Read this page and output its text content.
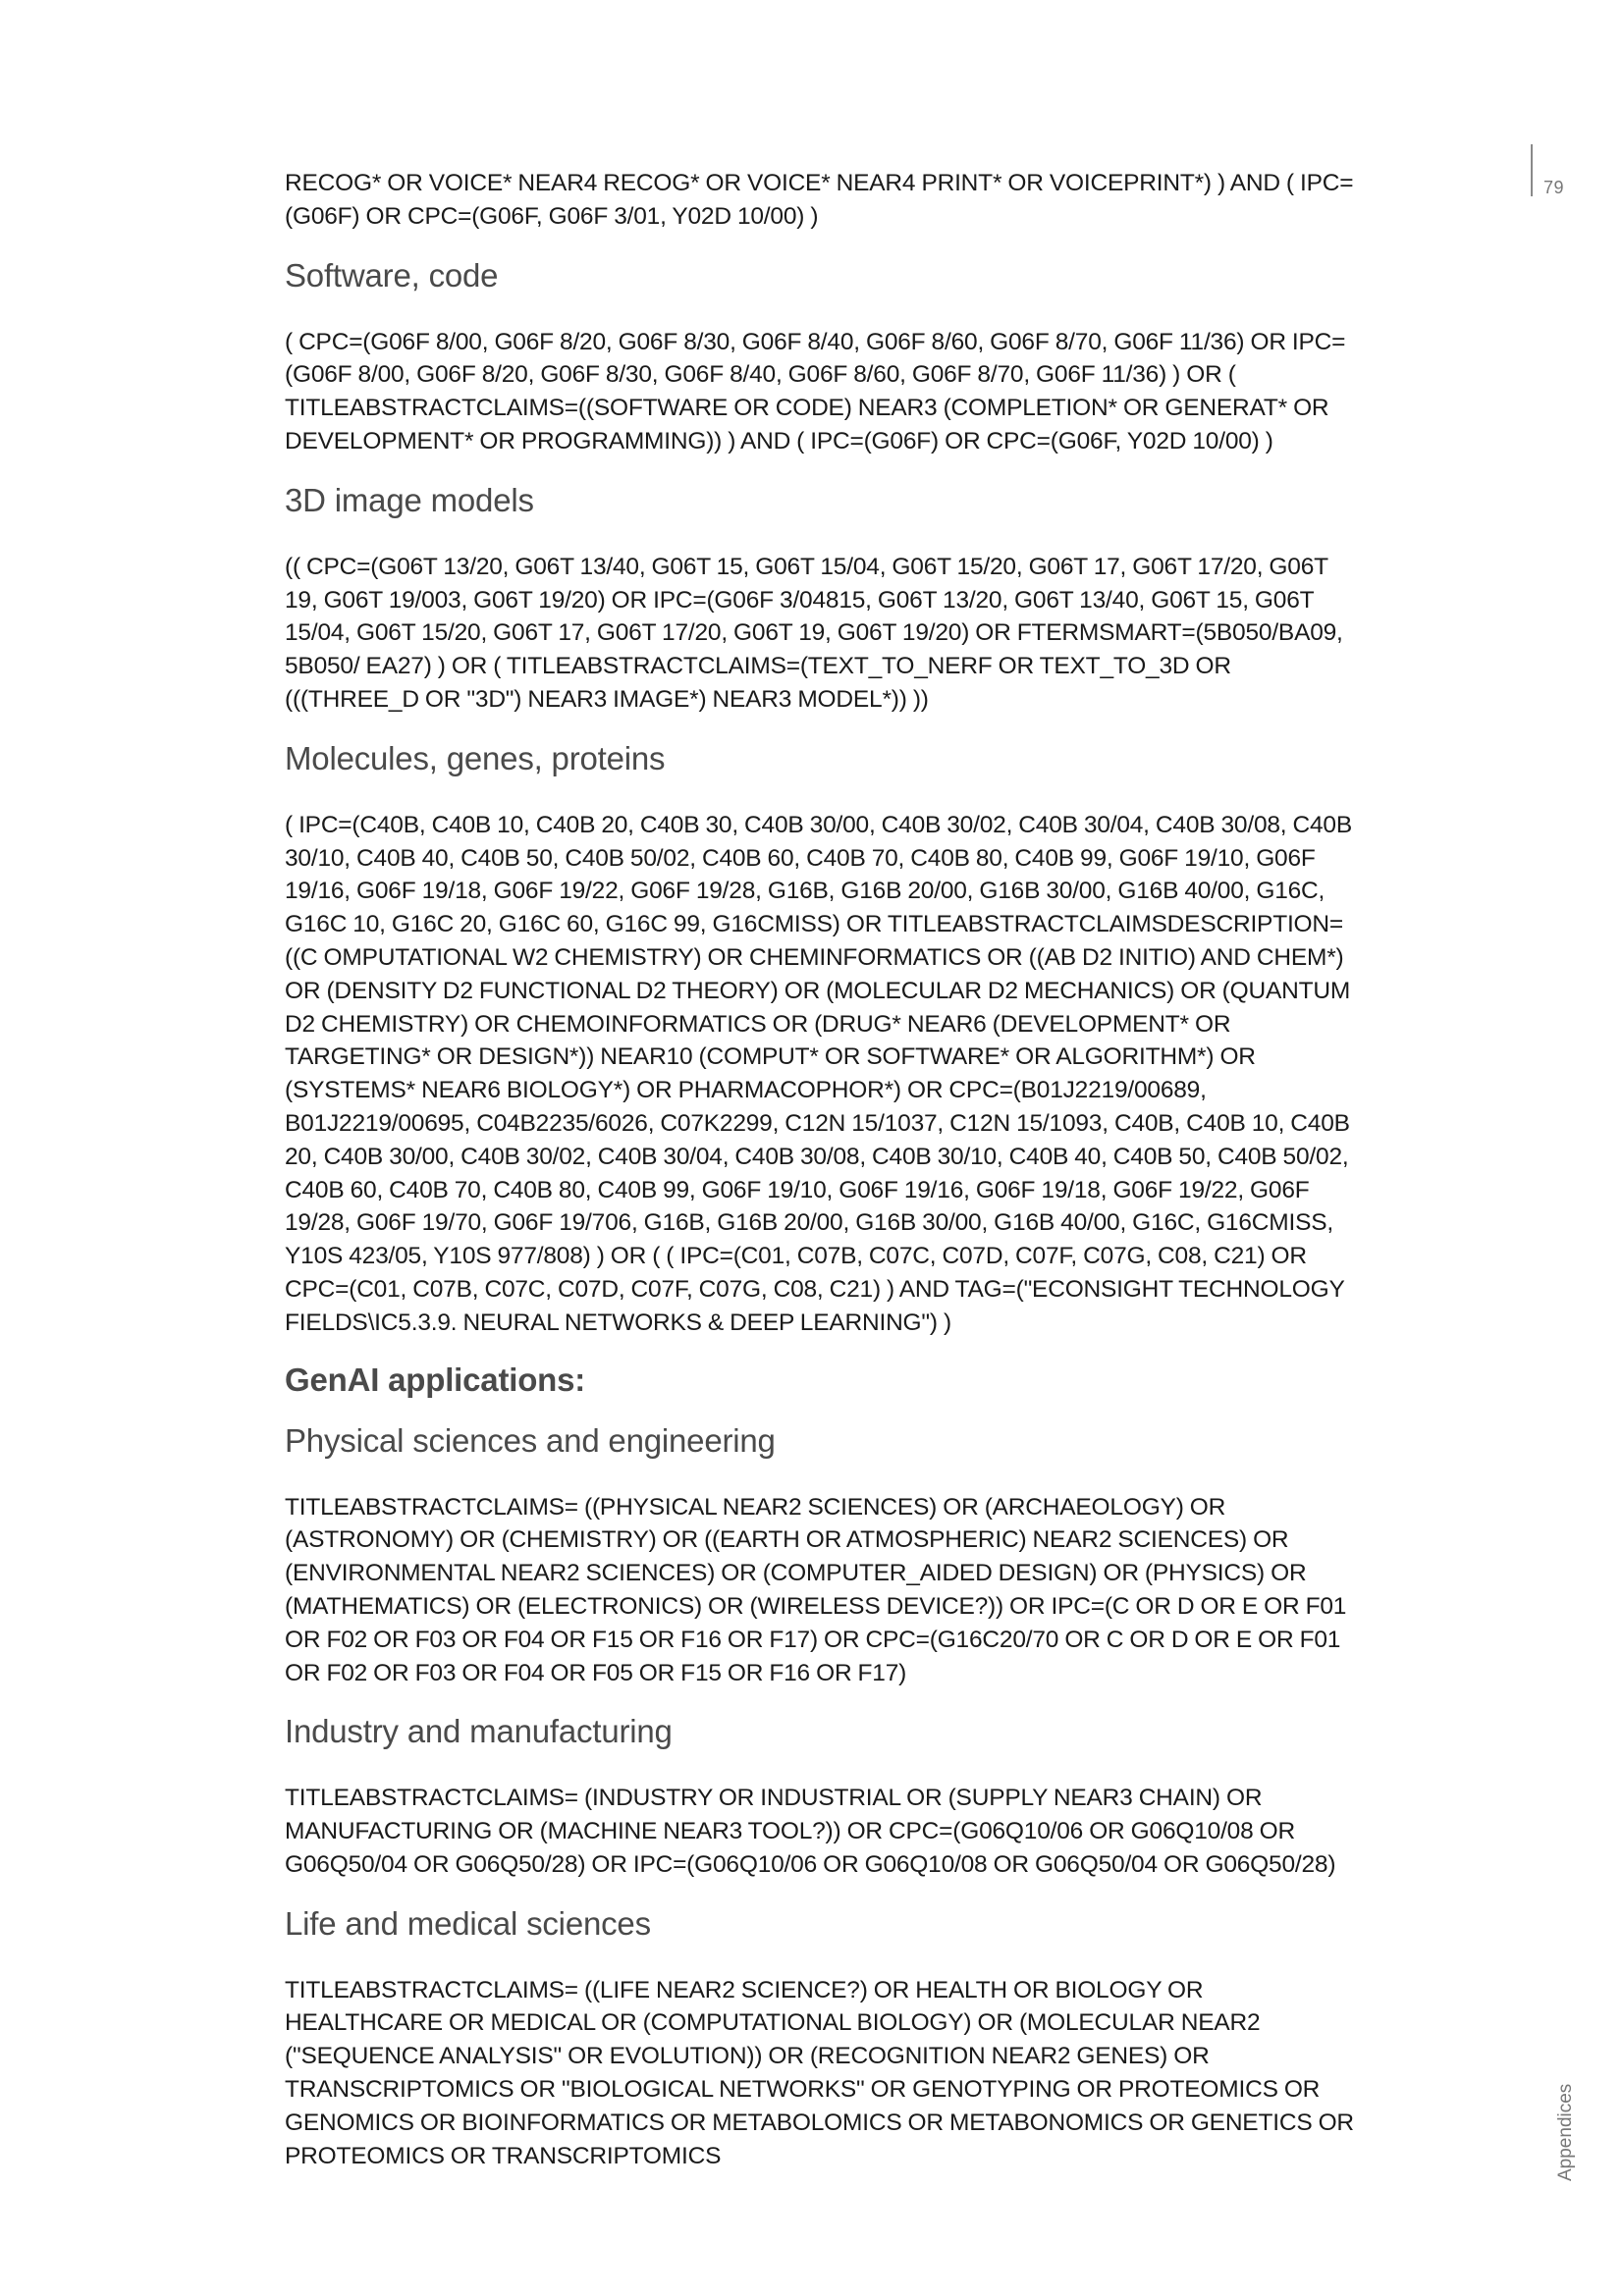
79
Appendices

RECOG* OR VOICE* NEAR4 RECOG* OR VOICE* NEAR4 PRINT* OR VOICEPRINT*) ) AND ( IPC=(G06F) OR CPC=(G06F, G06F 3/01, Y02D 10/00) )

Software, code

( CPC=(G06F 8/00, G06F 8/20, G06F 8/30, G06F 8/40, G06F 8/60, G06F 8/70, G06F 11/36) OR IPC=(G06F 8/00, G06F 8/20, G06F 8/30, G06F 8/40, G06F 8/60, G06F 8/70, G06F 11/36) ) OR ( TITLEABSTRACTCLAIMS=((SOFTWARE OR CODE) NEAR3 (COMPLETION* OR GENERAT* OR DEVELOPMENT* OR PROGRAMMING)) ) AND ( IPC=(G06F) OR CPC=(G06F, Y02D 10/00) )

3D image models

(( CPC=(G06T 13/20, G06T 13/40, G06T 15, G06T 15/04, G06T 15/20, G06T 17, G06T 17/20, G06T 19, G06T 19/003, G06T 19/20) OR IPC=(G06F 3/04815, G06T 13/20, G06T 13/40, G06T 15, G06T 15/04, G06T 15/20, G06T 17, G06T 17/20, G06T 19, G06T 19/20) OR FTERMSMART=(5B050/BA09, 5B050/ EA27) ) OR ( TITLEABSTRACTCLAIMS=(TEXT_TO_NERF OR TEXT_TO_3D OR (((THREE_D OR "3D") NEAR3 IMAGE*) NEAR3 MODEL*)) ))

Molecules, genes, proteins

( IPC=(C40B, C40B 10, C40B 20, C40B 30, C40B 30/00, C40B 30/02, C40B 30/04, C40B 30/08, C40B 30/10, C40B 40, C40B 50, C40B 50/02, C40B 60, C40B 70, C40B 80, C40B 99, G06F 19/10, G06F 19/16, G06F 19/18, G06F 19/22, G06F 19/28, G16B, G16B 20/00, G16B 30/00, G16B 40/00, G16C, G16C 10, G16C 20, G16C 60, G16C 99, G16CMISS) OR TITLEABSTRACTCLAIMSDESCRIPTION=((C OMPUTATIONAL W2 CHEMISTRY) OR CHEMINFORMATICS OR ((AB D2 INITIO) AND CHEM*) OR (DENSITY D2 FUNCTIONAL D2 THEORY) OR (MOLECULAR D2 MECHANICS) OR (QUANTUM D2 CHEMISTRY) OR CHEMOINFORMATICS OR (DRUG* NEAR6 (DEVELOPMENT* OR TARGETING* OR DESIGN*)) NEAR10 (COMPUT* OR SOFTWARE* OR ALGORITHM*) OR (SYSTEMS* NEAR6 BIOLOGY*) OR PHARMACOPHOR*) OR CPC=(B01J2219/00689, B01J2219/00695, C04B2235/6026, C07K2299, C12N 15/1037, C12N 15/1093, C40B, C40B 10, C40B 20, C40B 30/00, C40B 30/02, C40B 30/04, C40B 30/08, C40B 30/10, C40B 40, C40B 50, C40B 50/02, C40B 60, C40B 70, C40B 80, C40B 99, G06F 19/10, G06F 19/16, G06F 19/18, G06F 19/22, G06F 19/28, G06F 19/70, G06F 19/706, G16B, G16B 20/00, G16B 30/00, G16B 40/00, G16C, G16CMISS, Y10S 423/05, Y10S 977/808) ) OR ( ( IPC=(C01, C07B, C07C, C07D, C07F, C07G, C08, C21) OR CPC=(C01, C07B, C07C, C07D, C07F, C07G, C08, C21) ) AND TAG=("ECONSIGHT TECHNOLOGY FIELDS\IC5.3.9. NEURAL NETWORKS & DEEP LEARNING") )

GenAI applications:
Physical sciences and engineering

TITLEABSTRACTCLAIMS= ((PHYSICAL NEAR2 SCIENCES) OR (ARCHAEOLOGY) OR (ASTRONOMY) OR (CHEMISTRY) OR ((EARTH OR ATMOSPHERIC) NEAR2 SCIENCES) OR (ENVIRONMENTAL NEAR2 SCIENCES) OR (COMPUTER_AIDED DESIGN) OR (PHYSICS) OR (MATHEMATICS) OR (ELECTRONICS) OR (WIRELESS DEVICE?)) OR IPC=(C OR D OR E OR F01 OR F02 OR F03 OR F04 OR F15 OR F16 OR F17) OR CPC=(G16C20/70 OR C OR D OR E OR F01 OR F02 OR F03 OR F04 OR F05 OR F15 OR F16 OR F17)

Industry and manufacturing

TITLEABSTRACTCLAIMS= (INDUSTRY OR INDUSTRIAL OR (SUPPLY NEAR3 CHAIN) OR MANUFACTURING OR (MACHINE NEAR3 TOOL?)) OR CPC=(G06Q10/06 OR G06Q10/08 OR G06Q50/04 OR G06Q50/28) OR IPC=(G06Q10/06 OR G06Q10/08 OR G06Q50/04 OR G06Q50/28)

Life and medical sciences

TITLEABSTRACTCLAIMS= ((LIFE NEAR2 SCIENCE?) OR HEALTH OR BIOLOGY OR HEALTHCARE OR MEDICAL OR (COMPUTATIONAL BIOLOGY) OR (MOLECULAR NEAR2 ("SEQUENCE ANALYSIS" OR EVOLUTION)) OR (RECOGNITION NEAR2 GENES) OR TRANSCRIPTOMICS OR "BIOLOGICAL NETWORKS" OR GENOTYPING OR PROTEOMICS OR GENOMICS OR BIOINFORMATICS OR METABOLOMICS OR METABONOMICS OR GENETICS OR PROTEOMICS OR TRANSCRIPTOMICS
